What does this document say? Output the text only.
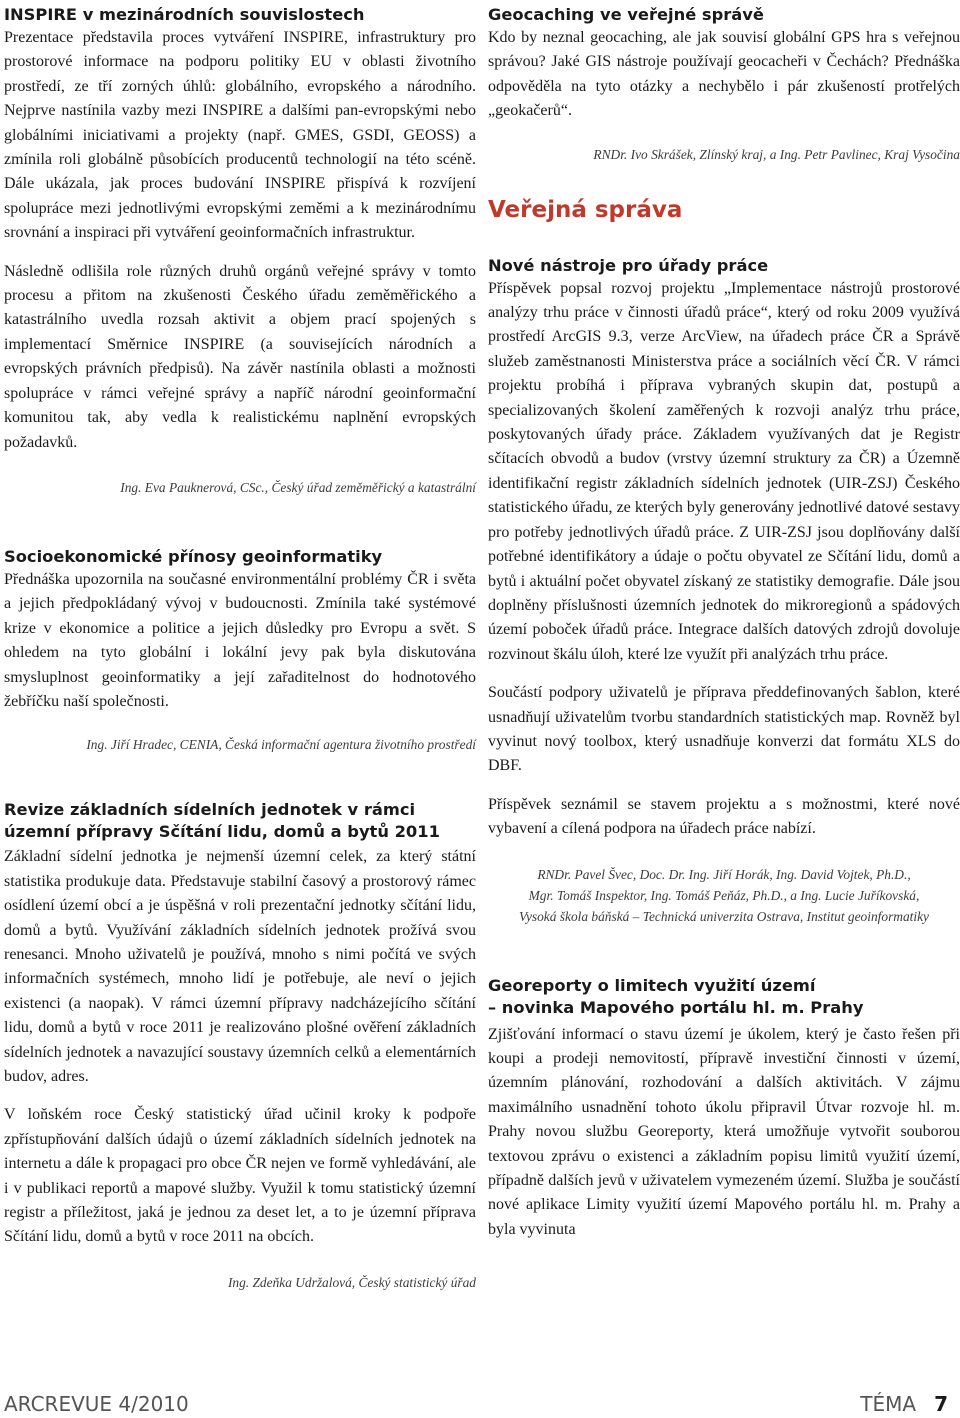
INSPIRE v mezinárodních souvislostech

Prezentace představila proces vytváření INSPIRE, infrastruktury pro prostorové informace na podporu politiky EU v oblasti životního prostředí, ze tří zorných úhlů: globálního, evropského a národního. Nejprve nastínila vazby mezi INSPIRE a dalšími pan-evropskými nebo globálními iniciativami a projekty (např. GMES, GSDI, GEOSS) a zmínila roli globálně působících producentů technologií na této scéně. Dále ukázala, jak proces budování INSPIRE přispívá k rozvíjení spolupráce mezi jednotlivými evropskými zeměmi a k mezinárodnímu srovnání a inspiraci při vytváření geoinformačních infrastruktur.

Následně odlišila role různých druhů orgánů veřejné správy v tomto procesu a přitom na zkušenosti Českého úřadu zeměměřického a katastrálního uvedla rozsah aktivit a objem prací spojených s implementací Směrnice INSPIRE (a souvisejících národních a evropských právních předpisů). Na závěr nastínila oblasti a možnosti spolupráce v rámci veřejné správy a napříč národní geoinformační komunitou tak, aby vedla k realistickému naplnění evropských požadavků.

Ing. Eva Pauknerová, CSc., Český úřad zeměměřický a katastrální

Socioekonomické přínosy geoinformatiky

Přednáška upozornila na současné environmentální problémy ČR i světa a jejich předpokládaný vývoj v budoucnosti. Zmínila také systémové krize v ekonomice a politice a jejich důsledky pro Evropu a svět. S ohledem na tyto globální i lokální jevy pak byla diskutována smysluplnost geoinformatiky a její zařaditelnost do hodnotového žebříčku naší společnosti.

Ing. Jiří Hradec, CENIA, Česká informační agentura životního prostředí

Revize základních sídelních jednotek v rámci územní přípravy Sčítání lidu, domů a bytů 2011

Základní sídelní jednotka je nejmenší územní celek, za který státní statistika produkuje data. Představuje stabilní časový a prostorový rámec osídlení území obcí a je úspěšná v roli prezentační jednotky sčítání lidu, domů a bytů. Využívání základních sídelních jednotek prožívá svou renesanci. Mnoho uživatelů je používá, mnoho s nimi počítá ve svých informačních systémech, mnoho lidí je potřebuje, ale neví o jejich existenci (a naopak). V rámci územní přípravy nadcházejícího sčítání lidu, domů a bytů v roce 2011 je realizováno plošné ověření základních sídelních jednotek a navazující soustavy územních celků a elementárních budov, adres.

V loňském roce Český statistický úřad učinil kroky k podpoře zpřístupňování dalších údajů o území základních sídelních jednotek na internetu a dále k propagaci pro obce ČR nejen ve formě vyhledávání, ale i v publikaci reportů a mapové služby. Využil k tomu statistický územní registr a příležitost, jaká je jednou za deset let, a to je územní příprava Sčítání lidu, domů a bytů v roce 2011 na obcích.

Ing. Zdeňka Udržalová, Český statistický úřad

Geocaching ve veřejné správě

Kdo by neznal geocaching, ale jak souvisí globální GPS hra s veřejnou správou? Jaké GIS nástroje používají geocacheři v Čechách? Přednáška odpověděla na tyto otázky a nechybělo i pár zkušeností protřelých „geokačerů“.

RNDr. Ivo Skrášek, Zlínský kraj, a Ing. Petr Pavlinec, Kraj Vysočina

Veřejná správa
Nové nástroje pro úřady práce

Příspěvek popsal rozvoj projektu „Implementace nástrojů prostorové analýzy trhu práce v činnosti úřadů práce“, který od roku 2009 využívá prostředí ArcGIS 9.3, verze ArcView, na úřadech práce ČR a Správě služeb zaměstnanosti Ministerstva práce a sociálních věcí ČR. V rámci projektu probíhá i příprava vybraných skupin dat, postupů a specializovaných školení zaměřených k rozvoji analýz trhu práce, poskytovaných úřady práce. Základem využívaných dat je Registr sčítacích obvodů a budov (vrstvy územní struktury za ČR) a Územně identifikační registr základních sídelních jednotek (UIR-ZSJ) Českého statistického úřadu, ze kterých byly generovány jednotlivé datové sestavy pro potřeby jednotlivých úřadů práce. Z UIR-ZSJ jsou doplňovány další potřebné identifikátory a údaje o počtu obyvatel ze Sčítání lidu, domů a bytů i aktuální počet obyvatel získaný ze statistiky demografie. Dále jsou doplněny příslušnosti územních jednotek do mikroregionů a spádových území poboček úřadů práce. Integrace dalších datových zdrojů dovoluje rozvinout škálu úloh, které lze využít při analýzách trhu práce.

Součástí podpory uživatelů je příprava předdefinovaných šablon, které usnadňují uživatelům tvorbu standardních statistických map. Rovněž byl vyvinut nový toolbox, který usnadňuje konverzi dat formátu XLS do DBF.

Příspěvek seznámil se stavem projektu a s možnostmi, které nové vybavení a cílená podpora na úřadech práce nabízí.

RNDr. Pavel Švec, Doc. Dr. Ing. Jiří Horák, Ing. David Vojtek, Ph.D.,

Mgr. Tomáš Inspektor, Ing. Tomáš Peňáz, Ph.D., a Ing. Lucie Juříkovská,

Vysoká škola báňská – Technická univerzita Ostrava, Institut geoinformatiky

Georeporty o limitech využití území
– novinka Mapového portálu hl. m. Prahy

Zjišťování informací o stavu území je úkolem, který je často řešen při koupi a prodeji nemovitostí, přípravě investiční činnosti v území, územním plánování, rozhodování a dalších aktivitách. V zájmu maximálního usnadnění tohoto úkolu připravil Útvar rozvoje hl. m. Prahy novou službu Georeporty, která umožňuje vytvořit souborou textovou zprávu o existenci a základním popisu limitů využití území, případně dalších jevů v uživatelem vymezeném území. Služba je součástí nové aplikace Limity využití území Mapového portálu hl. m. Prahy a byla vyvinuta

ARCREVUE 4/2010	TÉMA 7
